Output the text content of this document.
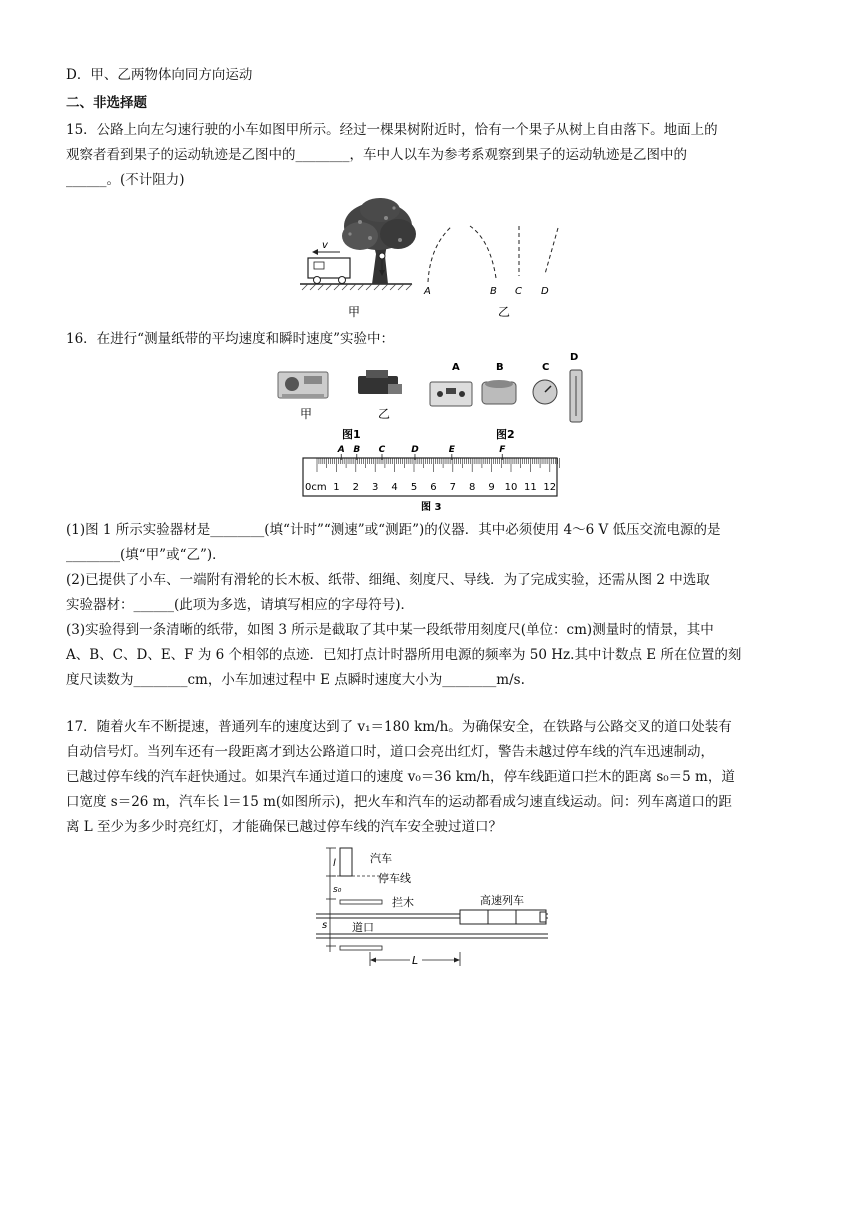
D．甲、乙两物体向同方向运动
二、非选择题
15．公路上向左匀速行驶的小车如图甲所示。经过一棵果树附近时，恰有一个果子从树上自由落下。地面上的
观察者看到果子的运动轨迹是乙图中的________，车中人以车为参考系观察到果子的运动轨迹是乙图中的
______。(不计阻力)
v
A	B C D
甲	乙
16．在进行“测量纸带的平均速度和瞬时速度”实验中：
甲	乙
A	B	C
D
图1	图2
0cm 1 2 3 4 5 6 7 8 9 10 11 12
A B C	D	E	F
图 3
(1)图 1 所示实验器材是________(填“计时”“测速”或“测距”)的仪器．其中必须使用 4～6 V 低压交流电源的是
________(填“甲”或“乙”)．
(2)已提供了小车、一端附有滑轮的长木板、纸带、细绳、刻度尺、导线．为了完成实验，还需从图 2 中选取
实验器材：______(此项为多选，请填写相应的字母符号)．
(3)实验得到一条清晰的纸带，如图 3 所示是截取了其中某一段纸带用刻度尺(单位：cm)测量时的情景，其中
A、B、C、D、E、F 为 6 个相邻的点迹．已知打点计时器所用电源的频率为 50 Hz.其中计数点 E 所在位置的刻
度尺读数为________cm，小车加速过程中 E 点瞬时速度大小为________m/s.
17．随着火车不断提速，普通列车的速度达到了 v₁＝180 km/h。为确保安全，在铁路与公路交叉的道口处装有
自动信号灯。当列车还有一段距离才到达公路道口时，道口会亮出红灯，警告未越过停车线的汽车迅速制动，
已越过停车线的汽车赶快通过。如果汽车通过道口的速度 v₀＝36 km/h，停车线距道口拦木的距离 s₀＝5 m，道
口宽度 s＝26 m，汽车长 l＝15 m(如图所示)，把火车和汽车的运动都看成匀速直线运动。问：列车离道口的距
离 L 至少为多少时亮红灯，才能确保已越过停车线的汽车安全驶过道口？
l
s₀
s
汽车
停车线
拦木	高速列车
道口
L
